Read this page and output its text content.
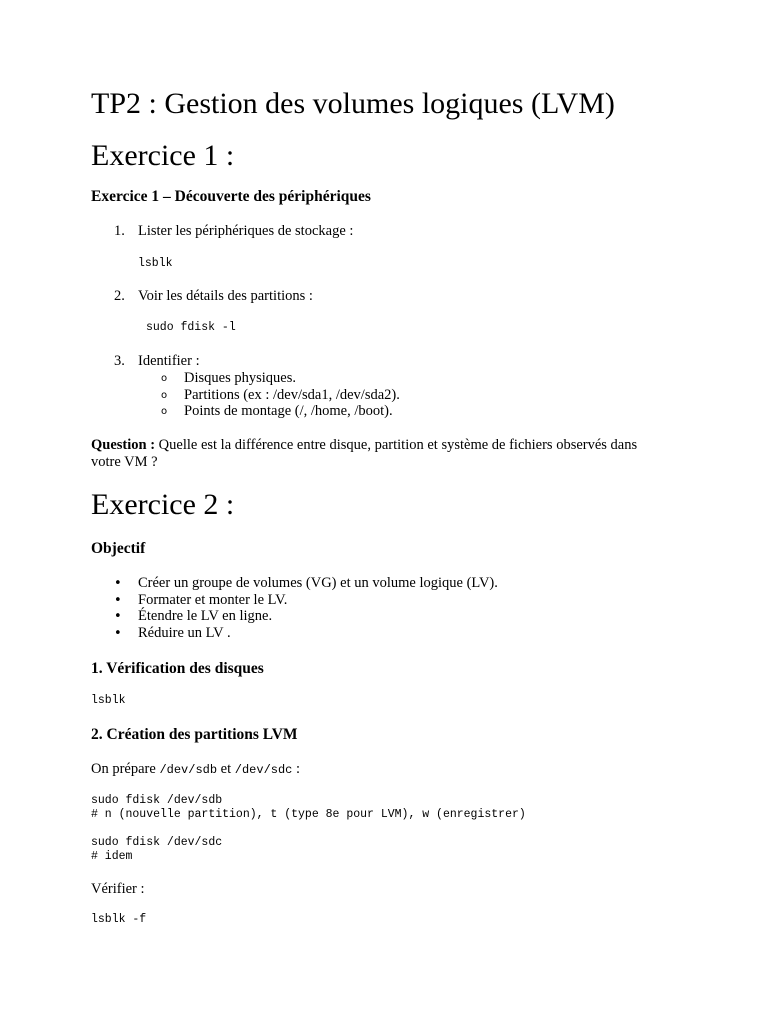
TP2 : Gestion des volumes logiques (LVM)
Exercice 1 :
Exercice 1 – Découverte des périphériques
1. Lister les périphériques de stockage :
lsblk
2. Voir les détails des partitions :
sudo fdisk -l
3. Identifier :
o Disques physiques.
o Partitions (ex : /dev/sda1, /dev/sda2).
o Points de montage (/, /home, /boot).
Question : Quelle est la différence entre disque, partition et système de fichiers observés dans
votre VM ?
Exercice 2 :
Objectif
• Créer un groupe de volumes (VG) et un volume logique (LV).
• Formater et monter le LV.
• Étendre le LV en ligne.
• Réduire un LV .
1. Vérification des disques
lsblk
2. Création des partitions LVM
On prépare /dev/sdb et /dev/sdc :
sudo fdisk /dev/sdb
# n (nouvelle partition), t (type 8e pour LVM), w (enregistrer)
sudo fdisk /dev/sdc
# idem
Vérifier :
lsblk -f
